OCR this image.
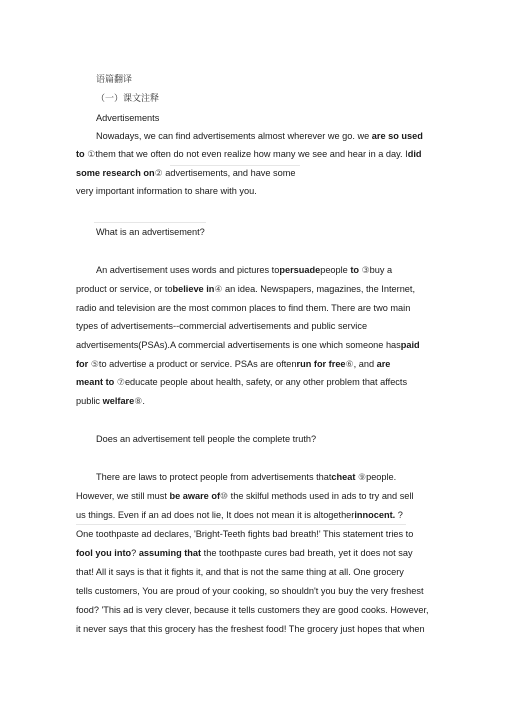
语篇翻译
（一）课文注释
Advertisements
Nowadays, we can find advertisements almost wherever we go. we are so used
to ①them that we often do not even realize how many we see and hear in a day. Idid
some research on② advertisements, and have some
very important information to share with you.
What is an advertisement?
An advertisement uses words and pictures topersuadepeople to ③buy a
product or service, or tobelieve in④ an idea. Newspapers, magazines, the Internet,
radio and television are the most common places to find them. There are two main
types of advertisements--commercial advertisements and public service
advertisements(PSAs).A commercial advertisements is one which someone haspaid
for ⑤to advertise a product or service. PSAs are oftenrun for free⑥, and are
meant to ⑦educate people about health, safety, or any other problem that affects
public welfare⑧.
Does an advertisement tell people the complete truth?
There are laws to protect people from advertisements thatcheat ⑨people.
However, we still must be aware of⑩ the skilful methods used in ads to try and sell
us things. Even if an ad does not lie, It does not mean it is altogetherinnocent. ?
One toothpaste ad declares, 'Bright-Teeth fights bad breath!' This statement tries to
fool you into? assuming that the toothpaste cures bad breath, yet it does not say
that! All it says is that it fights it, and that is not the same thing at all. One grocery
tells customers, You are proud of your cooking, so shouldn't you buy the very freshest
food? 'This ad is very clever, because it tells customers they are good cooks. However,
it never says that this grocery has the freshest food! The grocery just hopes that when
